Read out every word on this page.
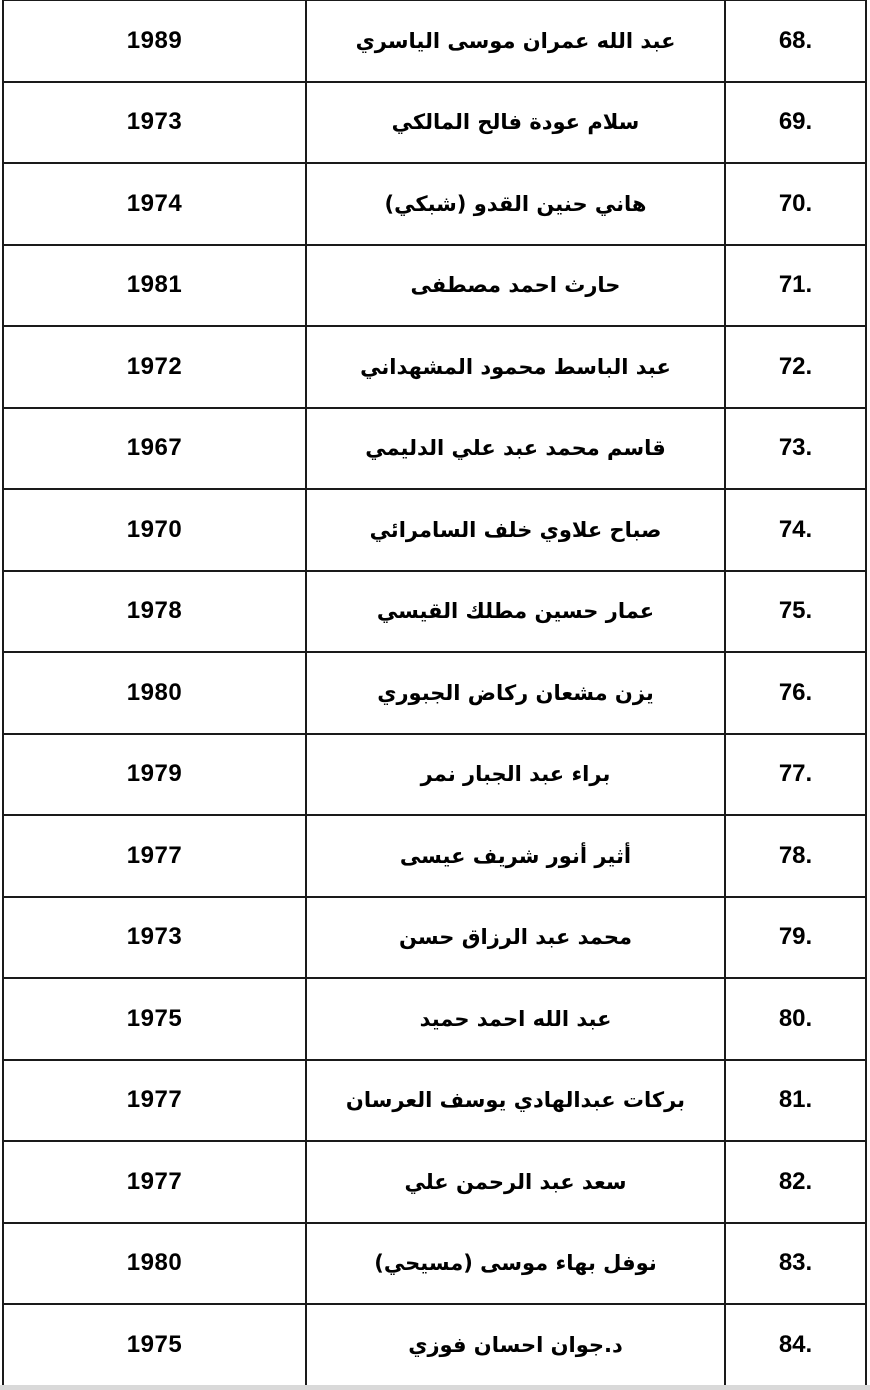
1989	عبد الله عمران موسى الياسري	68.
1973	سلام عودة فالح المالكي	69.
1974	هاني حنين القدو (شبكي)	70.
1981	حارث احمد مصطفى	71.
1972	عبد الباسط محمود المشهداني	72.
1967	قاسم محمد عبد علي الدليمي	73.
1970	صباح علاوي خلف السامرائي	74.
1978	عمار حسين مطلك القيسي	75.
1980	يزن مشعان ركاض الجبوري	76.
1979	براء عبد الجبار نمر	77.
1977	أثير أنور شريف عيسى	78.
1973	محمد عبد الرزاق حسن	79.
1975	عبد الله احمد حميد	80.
1977	بركات عبدالهادي يوسف العرسان	81.
1977	سعد عبد الرحمن علي	82.
1980	نوفل بهاء موسى (مسيحي)	83.
1975	د.جوان احسان فوزي	84.
